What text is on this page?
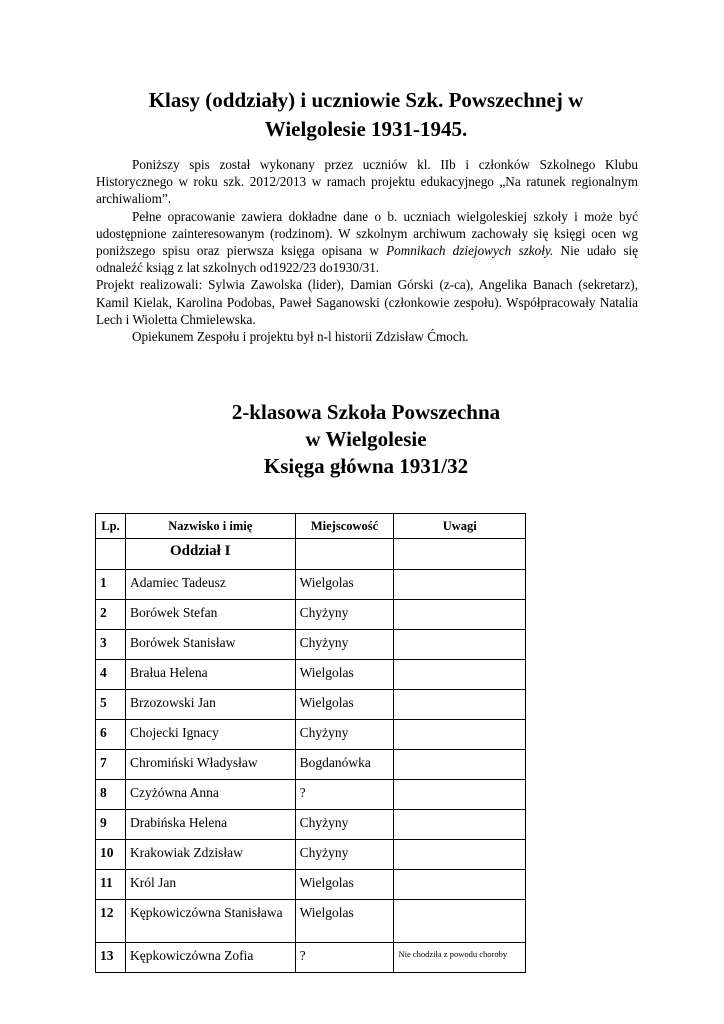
Klasy (oddziały) i uczniowie Szk. Powszechnej w
Wielgolesie 1931-1945.

Poniższy spis został wykonany przez uczniów kl. IIb i członków Szkolnego Klubu Historycznego w roku szk. 2012/2013 w ramach projektu edukacyjnego „Na ratunek regionalnym archiwaliom”.

Pełne opracowanie zawiera dokładne dane o b. uczniach wielgoleskiej szkoły i może być udostępnione zainteresowanym (rodzinom). W szkolnym archiwum zachowały się księgi ocen wg poniższego spisu oraz pierwsza księga opisana w Pomnikach dziejowych szkoły. Nie udało się odnaleźć ksiąg z lat szkolnych od1922/23 do1930/31.

Projekt realizowali: Sylwia Zawolska (lider), Damian Górski (z-ca), Angelika Banach (sekretarz), Kamil Kielak, Karolina Podobas, Paweł Saganowski (członkowie zespołu). Współpracowały Natalia Lech i Wioletta Chmielewska.

Opiekunem Zespołu i projektu był n-l historii Zdzisław Ćmoch.

2-klasowa Szkoła Powszechna
w Wielgolesie
Księga główna 1931/32
Lp.	Nazwisko i imię	Miejscowość	Uwagi
	Oddział I		
1	Adamiec Tadeusz	Wielgolas	
2	Borówek Stefan	Chyżyny	
3	Borówek Stanisław	Chyżyny	
4	Brałua Helena	Wielgolas	
5	Brzozowski Jan	Wielgolas	
6	Chojecki Ignacy	Chyżyny	
7	Chromiński Władysław	Bogdanówka	
8	Czyżówna Anna	?	
9	Drabińska Helena	Chyżyny	
10	Krakowiak Zdzisław	Chyżyny	
11	Król Jan	Wielgolas	
12	Kępkowiczówna Stanisława	Wielgolas	
13	Kępkowiczówna Zofia	?	Nie chodziła z powodu choroby
